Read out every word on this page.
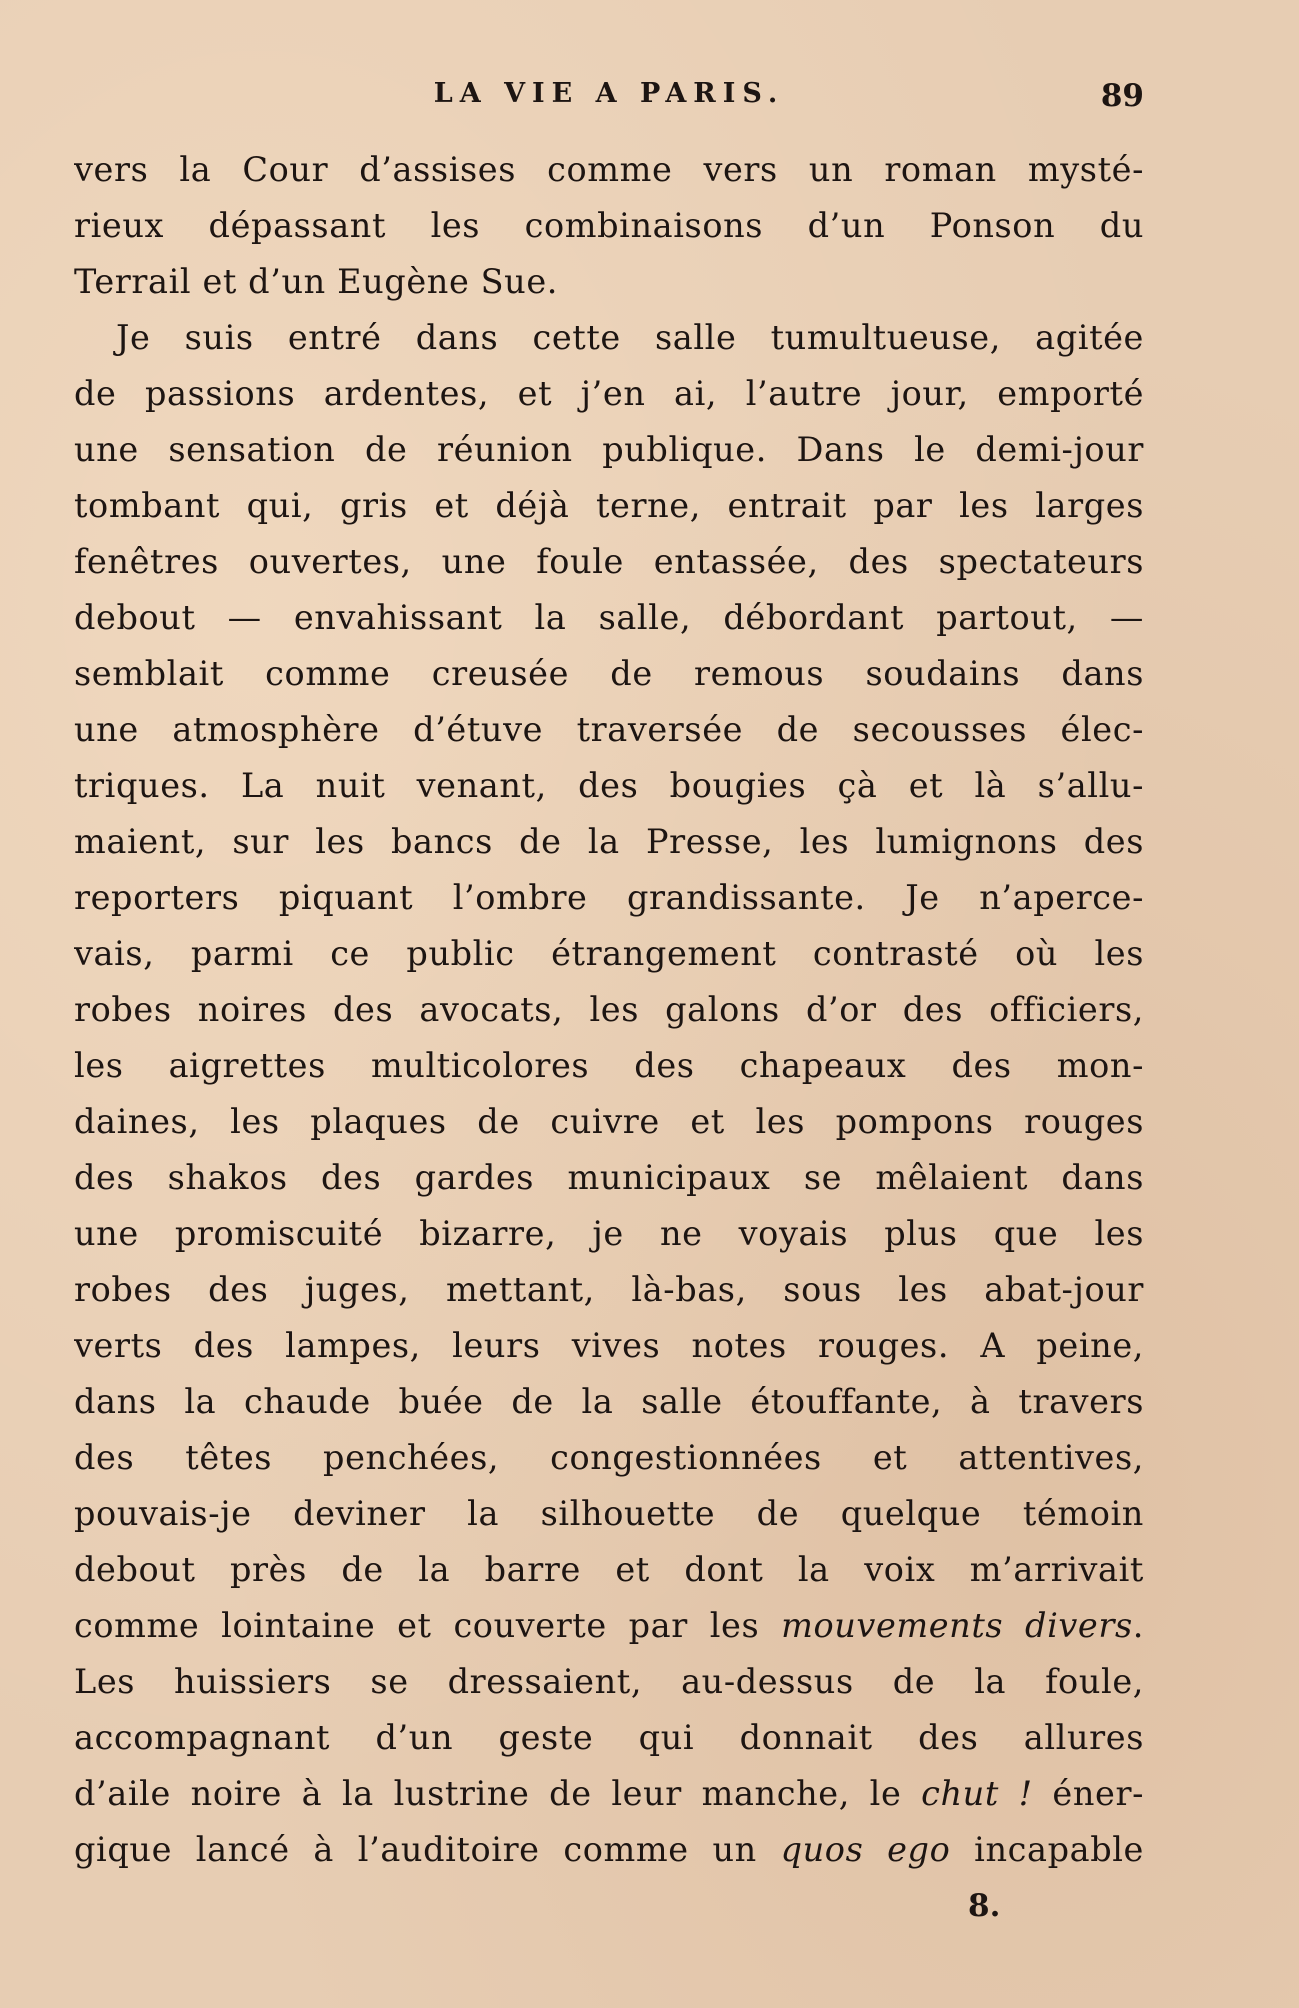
LA VIE A PARIS.	89
vers la Cour d’assises comme vers un roman mysté-
rieux dépassant les combinaisons d’un Ponson du
Terrail et d’un Eugène Sue.
Je suis entré dans cette salle tumultueuse, agitée
de passions ardentes, et j’en ai, l’autre jour, emporté
une sensation de réunion publique. Dans le demi-jour
tombant qui, gris et déjà terne, entrait par les larges
fenêtres ouvertes, une foule entassée, des spectateurs
debout — envahissant la salle, débordant partout, —
semblait comme creusée de remous soudains dans
une atmosphère d’étuve traversée de secousses élec-
triques. La nuit venant, des bougies çà et là s’allu-
maient, sur les bancs de la Presse, les lumignons des
reporters piquant l’ombre grandissante. Je n’aperce-
vais, parmi ce public étrangement contrasté où les
robes noires des avocats, les galons d’or des officiers,
les aigrettes multicolores des chapeaux des mon-
daines, les plaques de cuivre et les pompons rouges
des shakos des gardes municipaux se mêlaient dans
une promiscuité bizarre, je ne voyais plus que les
robes des juges, mettant, là-bas, sous les abat-jour
verts des lampes, leurs vives notes rouges. A peine,
dans la chaude buée de la salle étouffante, à travers
des têtes penchées, congestionnées et attentives,
pouvais-je deviner la silhouette de quelque témoin
debout près de la barre et dont la voix m’arrivait
comme lointaine et couverte par les mouvements divers.
Les huissiers se dressaient, au-dessus de la foule,
accompagnant d’un geste qui donnait des allures
d’aile noire à la lustrine de leur manche, le chut ! éner-
gique lancé à l’auditoire comme un quos ego incapable
8.
